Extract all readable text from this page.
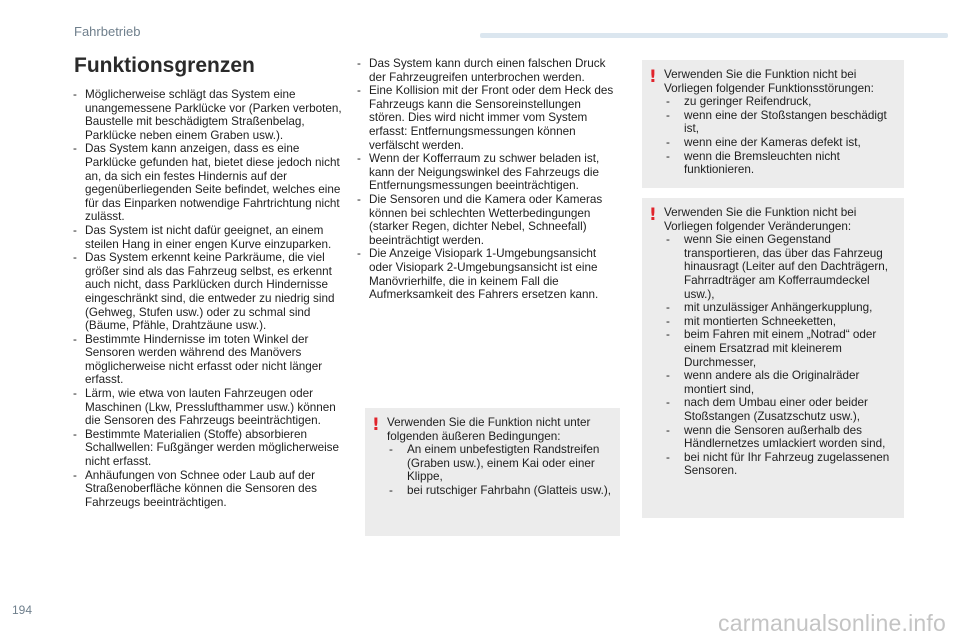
Fahrbetrieb
Funktionsgrenzen
- Möglicherweise schlägt das System eine unangemessene Parklücke vor (Parken verboten, Baustelle mit beschädigtem Straßenbelag, Parklücke neben einem Graben usw.).
- Das System kann anzeigen, dass es eine Parklücke gefunden hat, bietet diese jedoch nicht an, da sich ein festes Hindernis auf der gegenüberliegenden Seite befindet, welches eine für das Einparken notwendige Fahrtrichtung nicht zulässt.
- Das System ist nicht dafür geeignet, an einem steilen Hang in einer engen Kurve einzuparken.
- Das System erkennt keine Parkräume, die viel größer sind als das Fahrzeug selbst, es erkennt auch nicht, dass Parklücken durch Hindernisse eingeschränkt sind, die entweder zu niedrig sind (Gehweg, Stufen usw.) oder zu schmal sind (Bäume, Pfähle, Drahtzäune usw.).
- Bestimmte Hindernisse im toten Winkel der Sensoren werden während des Manövers möglicherweise nicht erfasst oder nicht länger erfasst.
- Lärm, wie etwa von lauten Fahrzeugen oder Maschinen (Lkw, Presslufthammer usw.) können die Sensoren des Fahrzeugs beeinträchtigen.
- Bestimmte Materialien (Stoffe) absorbieren Schallwellen: Fußgänger werden möglicherweise nicht erfasst.
- Anhäufungen von Schnee oder Laub auf der Straßenoberfläche können die Sensoren des Fahrzeugs beeinträchtigen.
- Das System kann durch einen falschen Druck der Fahrzeugreifen unterbrochen werden.
- Eine Kollision mit der Front oder dem Heck des Fahrzeugs kann die Sensoreinstellungen stören. Dies wird nicht immer vom System erfasst: Entfernungsmessungen können verfälscht werden.
- Wenn der Kofferraum zu schwer beladen ist, kann der Neigungswinkel des Fahrzeugs die Entfernungsmessungen beeinträchtigen.
- Die Sensoren und die Kamera oder Kameras können bei schlechten Wetterbedingungen (starker Regen, dichter Nebel, Schneefall) beeinträchtigt werden.
- Die Anzeige Visiopark 1-Umgebungsansicht oder Visiopark 2-Umgebungsansicht ist eine Manövrierhilfe, die in keinem Fall die Aufmerksamkeit des Fahrers ersetzen kann.
! Verwenden Sie die Funktion nicht unter folgenden äußeren Bedingungen:
- An einem unbefestigten Randstreifen (Graben usw.), einem Kai oder einer Klippe,
- bei rutschiger Fahrbahn (Glatteis usw.),
! Verwenden Sie die Funktion nicht bei Vorliegen folgender Funktionsstörungen:
- zu geringer Reifendruck,
- wenn eine der Stoßstangen beschädigt ist,
- wenn eine der Kameras defekt ist,
- wenn die Bremsleuchten nicht funktionieren.
! Verwenden Sie die Funktion nicht bei Vorliegen folgender Veränderungen:
- wenn Sie einen Gegenstand transportieren, das über das Fahrzeug hinausragt (Leiter auf den Dachträgern, Fahrradträger am Kofferraumdeckel usw.),
- mit unzulässiger Anhängerkupplung,
- mit montierten Schneeketten,
- beim Fahren mit einem „Notrad“ oder einem Ersatzrad mit kleinerem Durchmesser,
- wenn andere als die Originalräder montiert sind,
- nach dem Umbau einer oder beider Stoßstangen (Zusatzschutz usw.),
- wenn die Sensoren außerhalb des Händlernetzes umlackiert worden sind,
- bei nicht für Ihr Fahrzeug zugelassenen Sensoren.
194	carmanualsonline.info
